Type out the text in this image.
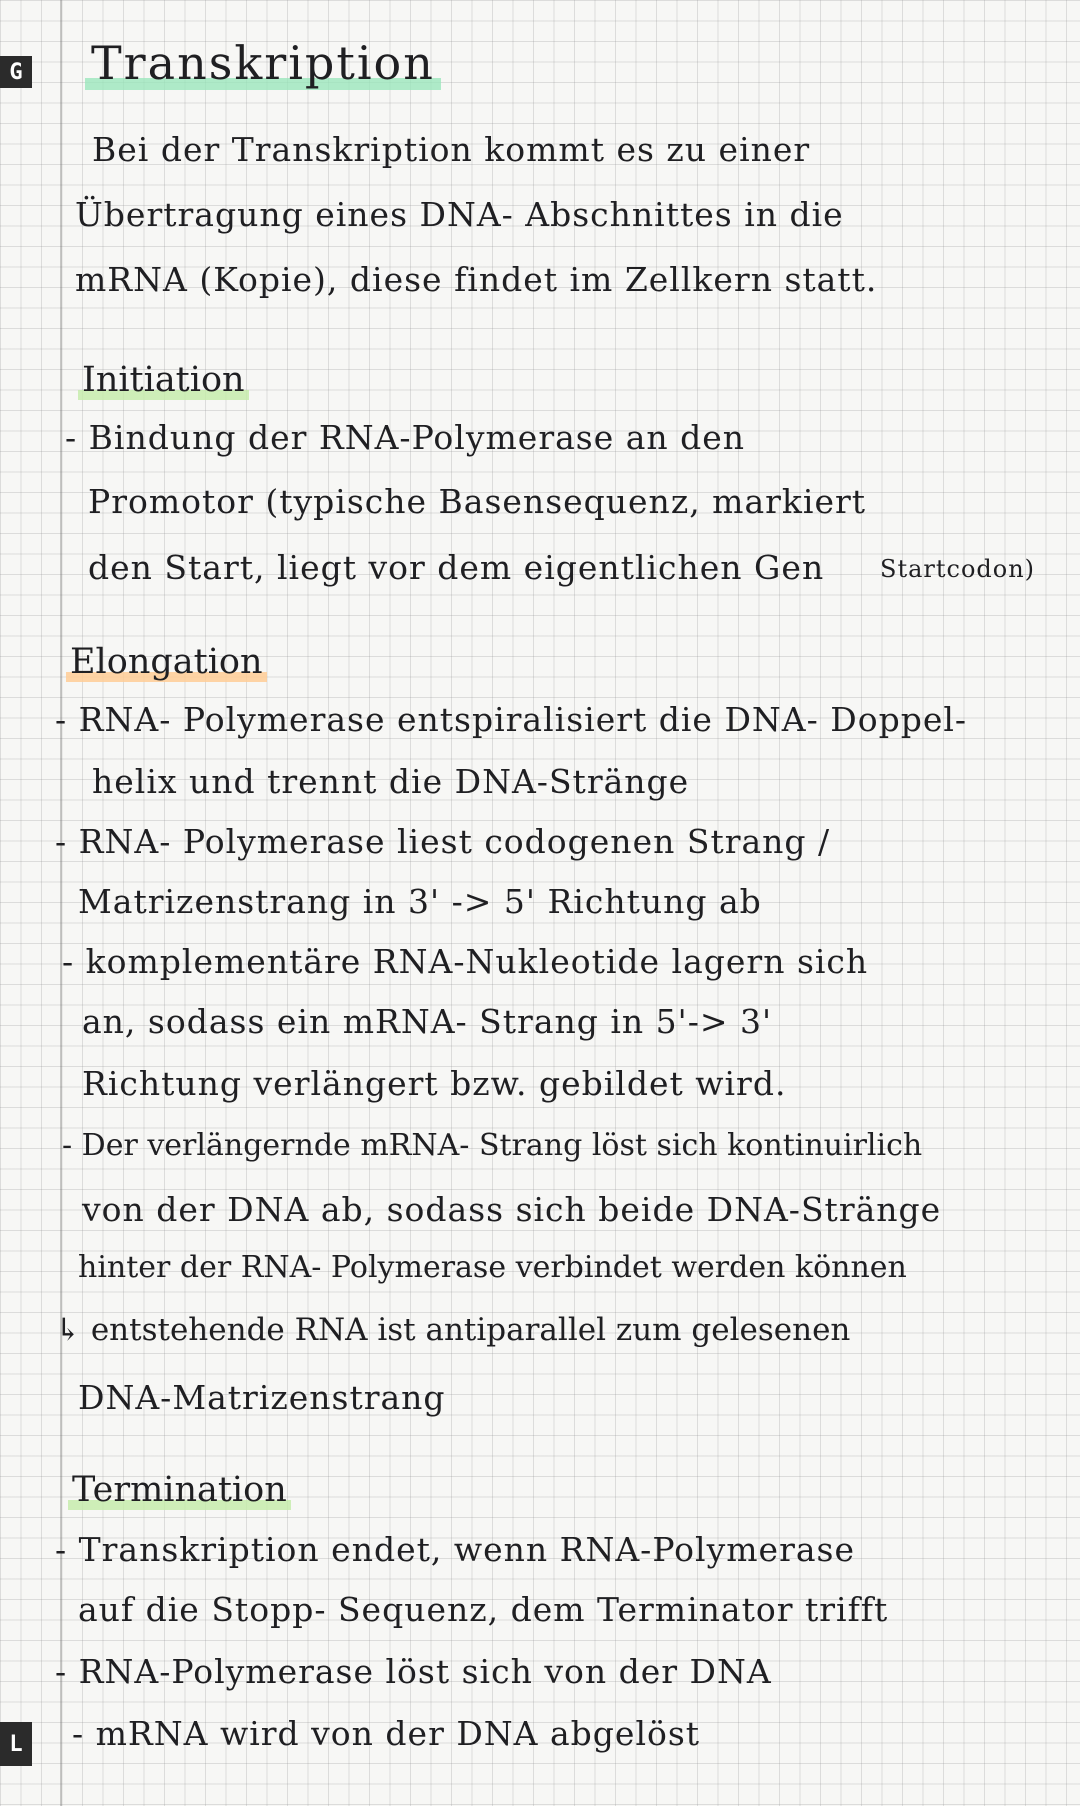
G
L
Transkription
Bei der Transkription kommt es zu einer
Übertragung eines DNA- Abschnittes in die
mRNA (Kopie), diese findet im Zellkern statt.
Initiation
- Bindung der RNA-Polymerase an den
Promotor (typische Basensequenz, markiert
den Start, liegt vor dem eigentlichen Gen Startcodon)
Elongation
- RNA- Polymerase entspiralisiert die DNA- Doppel-
helix und trennt die DNA-Stränge
- RNA- Polymerase liest codogenen Strang /
Matrizenstrang in 3' -> 5' Richtung ab
- komplementäre RNA-Nukleotide lagern sich
an, sodass ein mRNA- Strang in 5'-> 3'
Richtung verlängert bzw. gebildet wird.
- Der verlängernde mRNA- Strang löst sich kontinuirlich
von der DNA ab, sodass sich beide DNA-Stränge
hinter der RNA- Polymerase verbindet werden können
↳ entstehende RNA ist antiparallel zum gelesenen
DNA-Matrizenstrang
Termination
- Transkription endet, wenn RNA-Polymerase
auf die Stopp- Sequenz, dem Terminator trifft
- RNA-Polymerase löst sich von der DNA
- mRNA wird von der DNA abgelöst
